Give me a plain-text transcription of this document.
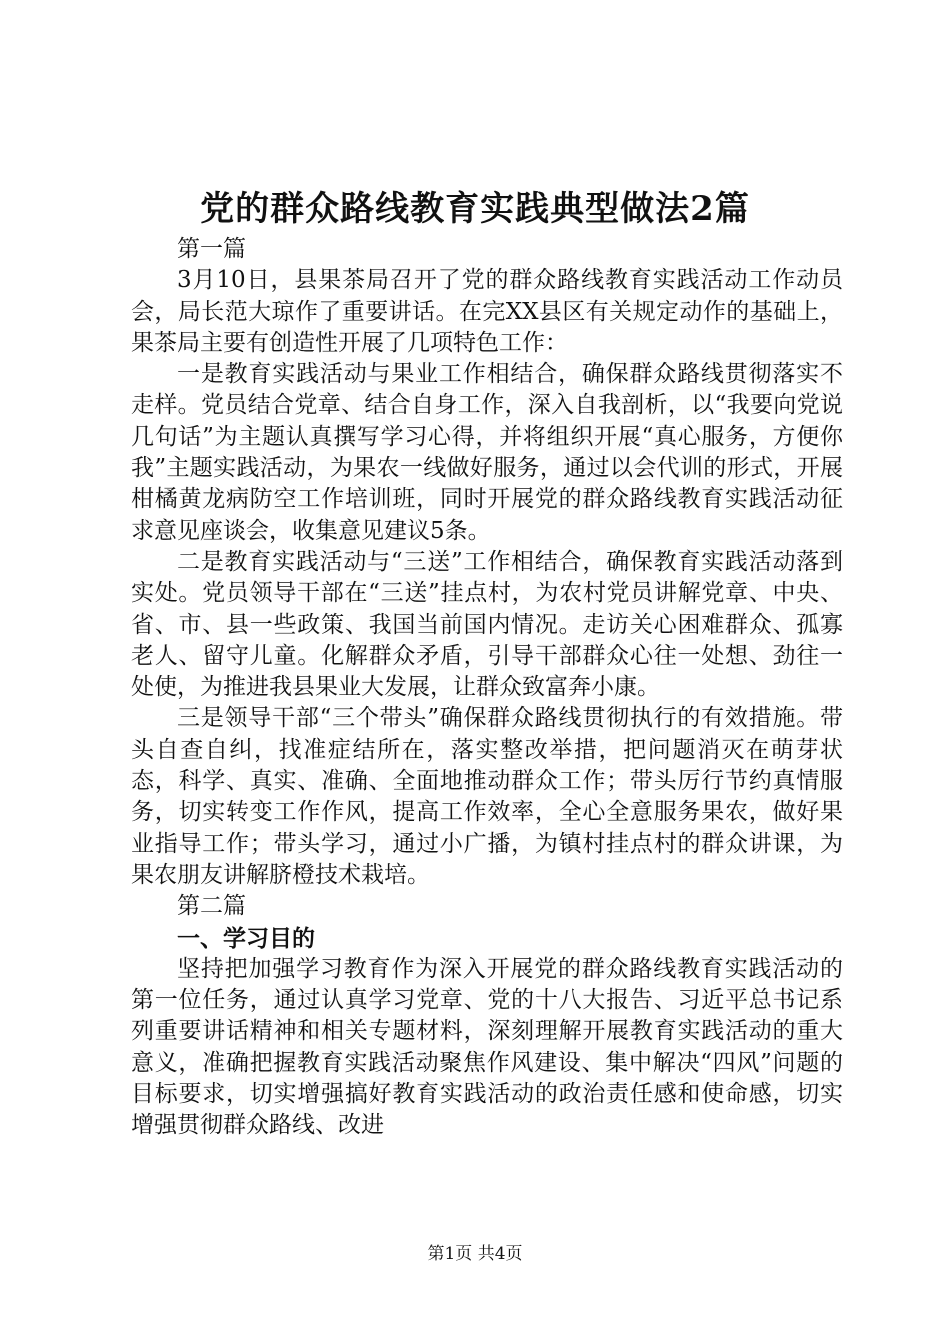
党的群众路线教育实践典型做法2篇

第一篇

3月10日，县果茶局召开了党的群众路线教育实践活动工作动员会，局长范大琼作了重要讲话。在完XX县区有关规定动作的基础上，果茶局主要有创造性开展了几项特色工作：

一是教育实践活动与果业工作相结合，确保群众路线贯彻落实不走样。党员结合党章、结合自身工作，深入自我剖析，以“我要向党说几句话”为主题认真撰写学习心得，并将组织开展“真心服务，方便你我”主题实践活动，为果农一线做好服务，通过以会代训的形式，开展柑橘黄龙病防空工作培训班，同时开展党的群众路线教育实践活动征求意见座谈会，收集意见建议5条。

二是教育实践活动与“三送”工作相结合，确保教育实践活动落到实处。党员领导干部在“三送”挂点村，为农村党员讲解党章、中央、省、市、县一些政策、我国当前国内情况。走访关心困难群众、孤寡老人、留守儿童。化解群众矛盾，引导干部群众心往一处想、劲往一处使，为推进我县果业大发展，让群众致富奔小康。

三是领导干部“三个带头”确保群众路线贯彻执行的有效措施。带头自查自纠，找准症结所在，落实整改举措，把问题消灭在萌芽状态，科学、真实、准确、全面地推动群众工作；带头厉行节约真情服务，切实转变工作作风，提高工作效率，全心全意服务果农，做好果业指导工作；带头学习，通过小广播，为镇村挂点村的群众讲课，为果农朋友讲解脐橙技术栽培。

第二篇

一、学习目的

坚持把加强学习教育作为深入开展党的群众路线教育实践活动的第一位任务，通过认真学习党章、党的十八大报告、习近平总书记系列重要讲话精神和相关专题材料，深刻理解开展教育实践活动的重大意义，准确把握教育实践活动聚焦作风建设、集中解决“四风”问题的目标要求，切实增强搞好教育实践活动的政治责任感和使命感，切实增强贯彻群众路线、改进

第1页 共4页
